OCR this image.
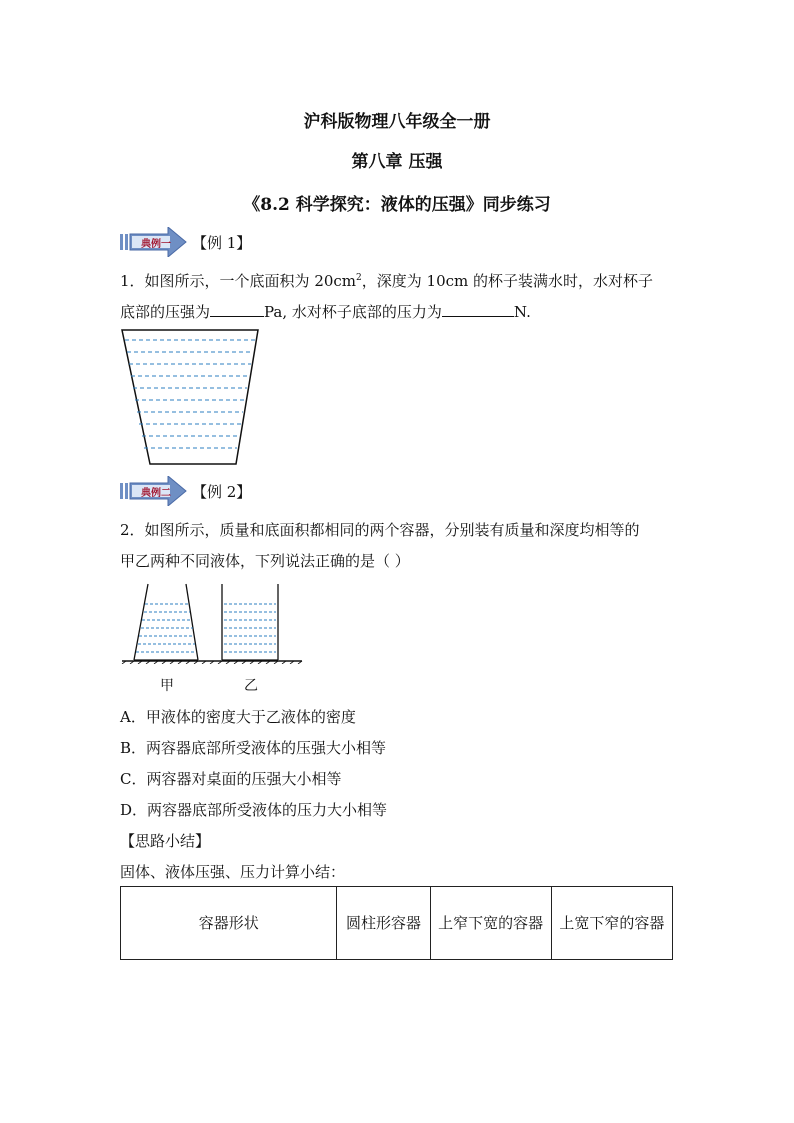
沪科版物理八年级全一册
第八章 压强
《8.2 科学探究：液体的压强》同步练习
典例一	【例 1】
1．如图所示，一个底面积为 $20cm^2$，深度为 10cm 的杯子装满水时，水对杯子
底部的压强为	Pa, 水对杯子底部的压力为	N.
典例二	【例 2】
2．如图所示，质量和底面积都相同的两个容器，分别装有质量和深度均相等的
甲乙两种不同液体，下列说法正确的是（ ）
甲	乙
A．甲液体的密度大于乙液体的密度
B．两容器底部所受液体的压强大小相等
C．两容器对桌面的压强大小相等
D．两容器底部所受液体的压力大小相等
【思路小结】
固体、液体压强、压力计算小结：
容器形状	圆柱形容器	上窄下宽的容器	上宽下窄的容器
